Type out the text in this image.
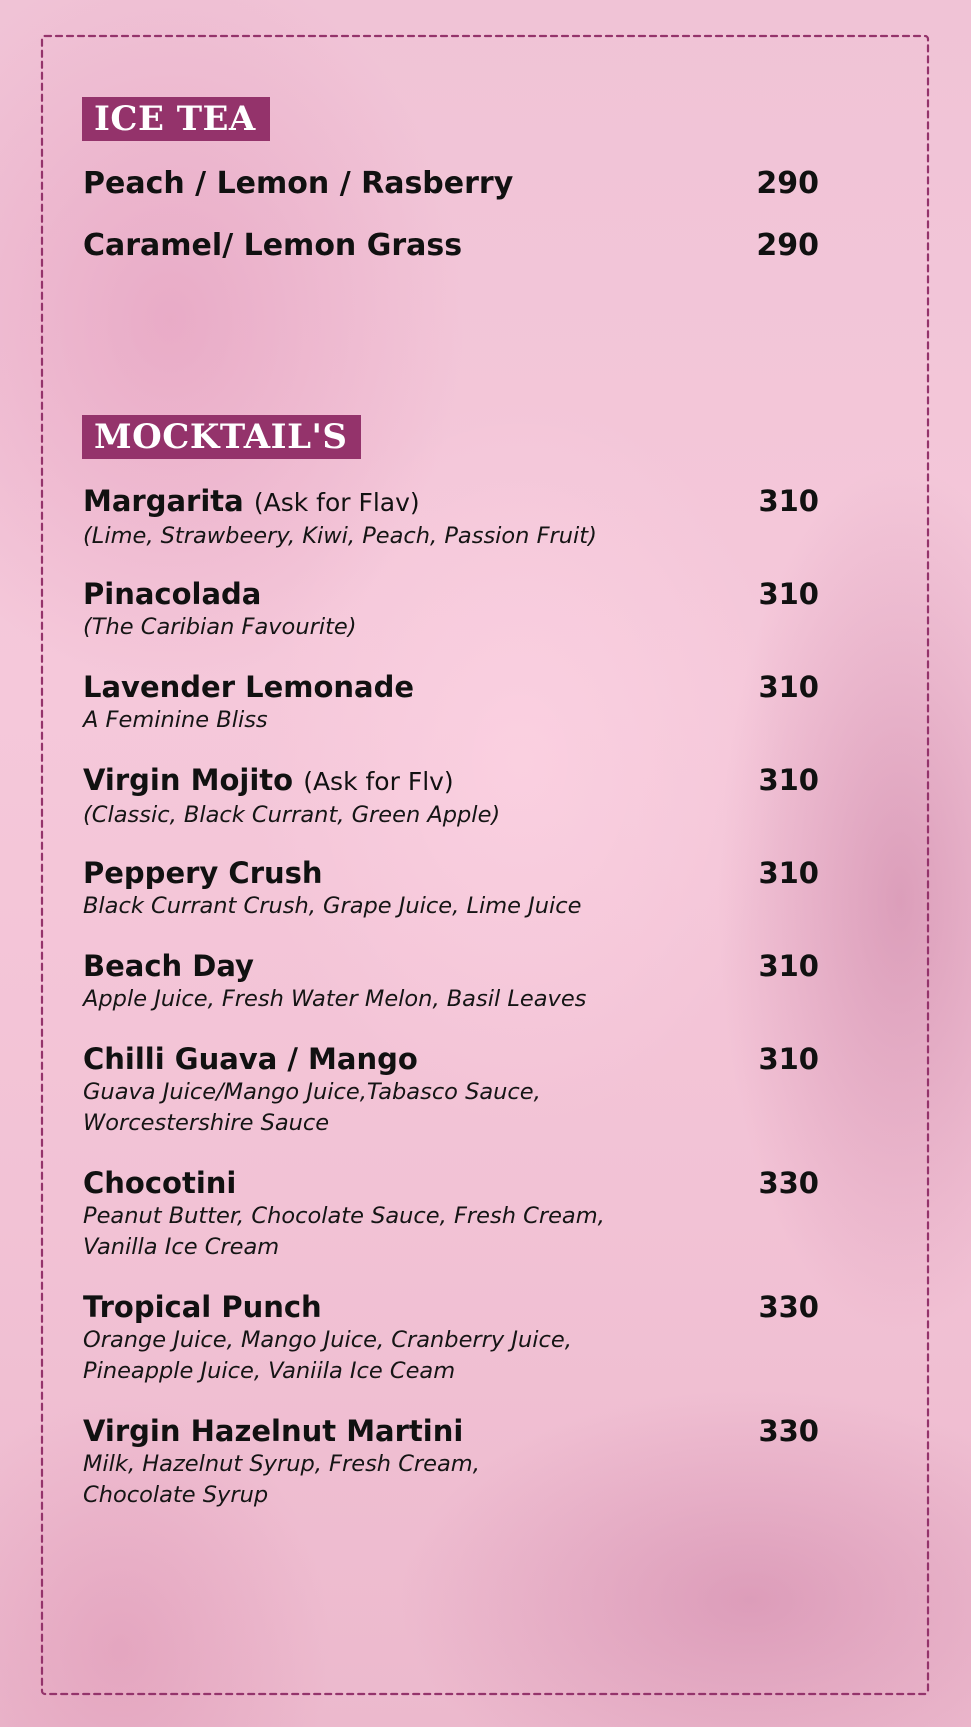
ICE TEA
Peach / Lemon / Rasberry	290
Caramel/ Lemon Grass	290
MOCKTAIL'S
Margarita (Ask for Flav)
(Lime, Strawbeery, Kiwi, Peach, Passion Fruit)
310
Pinacolada
(The Caribian Favourite)
310
Lavender Lemonade
A Feminine Bliss
310
Virgin Mojito (Ask for Flv)
(Classic, Black Currant, Green Apple)
310
Peppery Crush
Black Currant Crush, Grape Juice, Lime Juice
310
Beach Day
Apple Juice, Fresh Water Melon, Basil Leaves
310
Chilli Guava / Mango
Guava Juice/Mango Juice,Tabasco Sauce,
Worcestershire Sauce
310
Chocotini
Peanut Butter, Chocolate Sauce, Fresh Cream,
Vanilla Ice Cream
330
Tropical Punch
Orange Juice, Mango Juice, Cranberry Juice,
Pineapple Juice, Vaniila Ice Ceam
330
Virgin Hazelnut Martini
Milk, Hazelnut Syrup, Fresh Cream,
Chocolate Syrup
330
